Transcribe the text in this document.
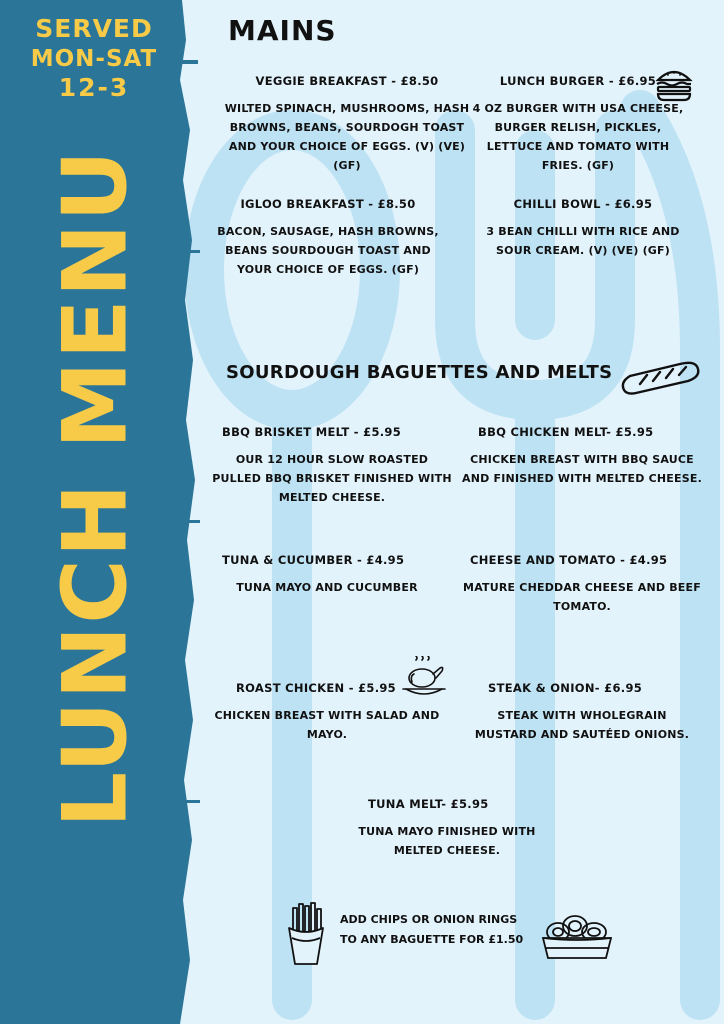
SERVED
MON-SAT
12-3
LUNCH MENU
MAINS
VEGGIE BREAKFAST - £8.50
WILTED SPINACH, MUSHROOMS, HASH BROWNS, BEANS, SOURDOGH TOAST AND YOUR CHOICE OF EGGS. (V) (VE) (GF)
LUNCH BURGER - £6.95
4 OZ BURGER WITH USA CHEESE, BURGER RELISH, PICKLES, LETTUCE AND TOMATO WITH FRIES. (GF)
IGLOO BREAKFAST - £8.50
BACON, SAUSAGE, HASH BROWNS, BEANS SOURDOUGH TOAST AND YOUR CHOICE OF EGGS. (GF)
CHILLI BOWL - £6.95
3 BEAN CHILLI WITH RICE AND SOUR CREAM. (V) (VE) (GF)
SOURDOUGH BAGUETTES AND MELTS
BBQ BRISKET MELT - £5.95
OUR 12 HOUR SLOW ROASTED PULLED BBQ BRISKET FINISHED WITH MELTED CHEESE.
BBQ CHICKEN MELT- £5.95
CHICKEN BREAST WITH BBQ SAUCE AND FINISHED WITH MELTED CHEESE.
TUNA & CUCUMBER - £4.95
TUNA MAYO AND CUCUMBER
CHEESE AND TOMATO - £4.95
MATURE CHEDDAR CHEESE AND BEEF TOMATO.
ROAST CHICKEN - £5.95
CHICKEN BREAST WITH SALAD AND MAYO.
STEAK & ONION- £6.95
STEAK WITH WHOLEGRAIN MUSTARD AND SAUTÉED ONIONS.
TUNA MELT- £5.95
TUNA MAYO FINISHED WITH MELTED CHEESE.
ADD CHIPS OR ONION RINGS
TO ANY BAGUETTE FOR £1.50
